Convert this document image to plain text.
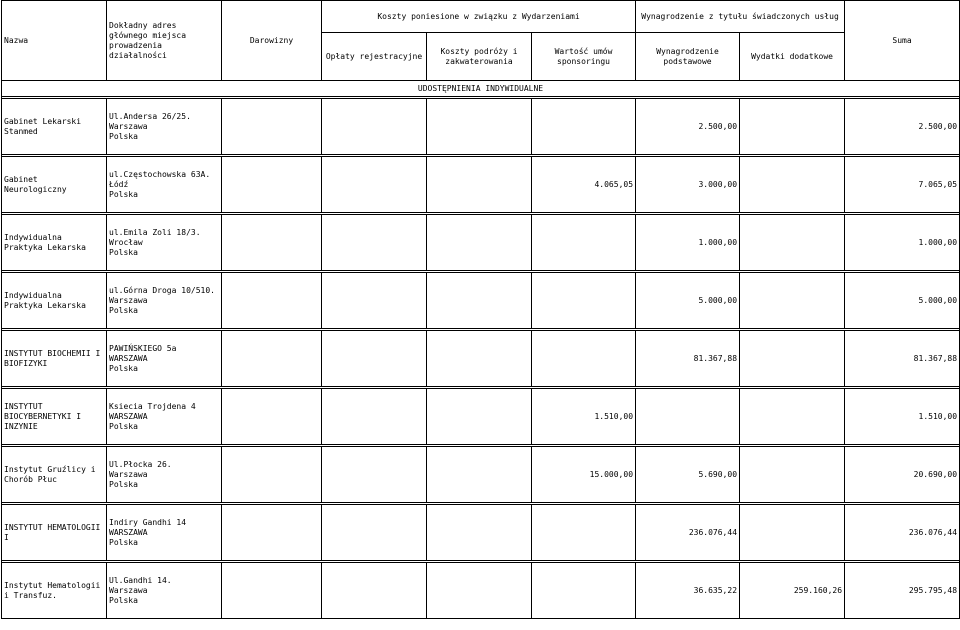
Nazwa	Dokładny adres głównego miejsca prowadzenia działalności	Darowizny	Koszty poniesione w związku z Wydarzeniami			Wynagrodzenie z tytułu świadczonych usług		Suma
			Opłaty rejestracyjne	Koszty podróży i zakwaterowania	Wartość umów sponsoringu	Wynagrodzenie podstawowe	Wydatki dodatkowe	
UDOSTĘPNIENIA INDYWIDUALNE								

Gabinet Lekarski Stanmed	Ul.Andersa 26/25.
Warszawa
Polska					2.500,00		2.500,00

Gabinet Neurologiczny	ul.Częstochowska 63A.
Łódź
Polska				4.065,05	3.000,00		7.065,05

Indywidualna Praktyka Lekarska	ul.Emila Zoli 18/3.
Wrocław
Polska					1.000,00		1.000,00

Indywidualna Praktyka Lekarska	ul.Górna Droga 10/510.
Warszawa
Polska					5.000,00		5.000,00

INSTYTUT BIOCHEMII I BIOFIZYKI	PAWIŃSKIEGO 5a
WARSZAWA
Polska					81.367,88		81.367,88

INSTYTUT BIOCYBERNETYKI I INZYNIE	Ksiecia Trojdena 4
WARSZAWA
Polska				1.510,00			1.510,00

Instytut Gruźlicy i Chorób Płuc	Ul.Płocka 26.
Warszawa
Polska				15.000,00	5.690,00		20.690,00

INSTYTUT HEMATOLOGII I	Indiry Gandhi 14
WARSZAWA
Polska					236.076,44		236.076,44

Instytut Hematologii i Transfuz.	Ul.Gandhi 14.
Warszawa
Polska					36.635,22	259.160,26	295.795,48
